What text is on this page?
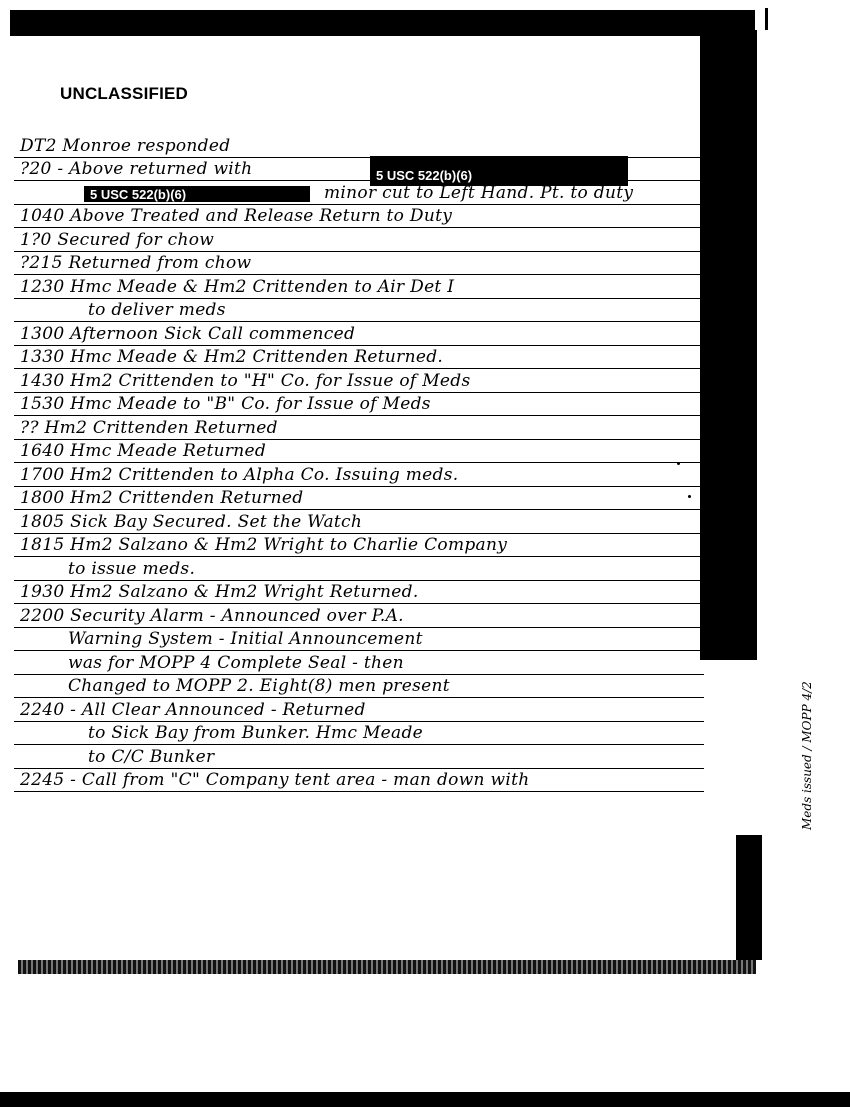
UNCLASSIFIED
DT2 Monroe responded
?20 - Above returned with	5 USC 522(b)(6)
5 USC 522(b)(6)	minor cut to Left Hand. Pt. to duty
1040 Above Treated and Release Return to Duty
1?0 Secured for chow
?215 Returned from chow
1230 Hmc Meade & Hm2 Crittenden to Air Det I
to deliver meds
1300 Afternoon Sick Call commenced
1330 Hmc Meade & Hm2 Crittenden Returned.
1430 Hm2 Crittenden to "H" Co. for Issue of Meds
1530 Hmc Meade to "B" Co. for Issue of Meds
?? Hm2 Crittenden Returned
1640 Hmc Meade Returned
1700 Hm2 Crittenden to Alpha Co. Issuing meds.
1800 Hm2 Crittenden Returned
1805 Sick Bay Secured. Set the Watch
1815 Hm2 Salzano & Hm2 Wright to Charlie Company
to issue meds.
1930 Hm2 Salzano & Hm2 Wright Returned.
2200 Security Alarm - Announced over P.A.
Warning System - Initial Announcement
was for MOPP 4 Complete Seal - then
Changed to MOPP 2. Eight(8) men present
2240 - All Clear Announced - Returned
to Sick Bay from Bunker. Hmc Meade
to C/C Bunker
2245 - Call from "C" Company tent area - man down with	Meds issued / MOPP 4/2
